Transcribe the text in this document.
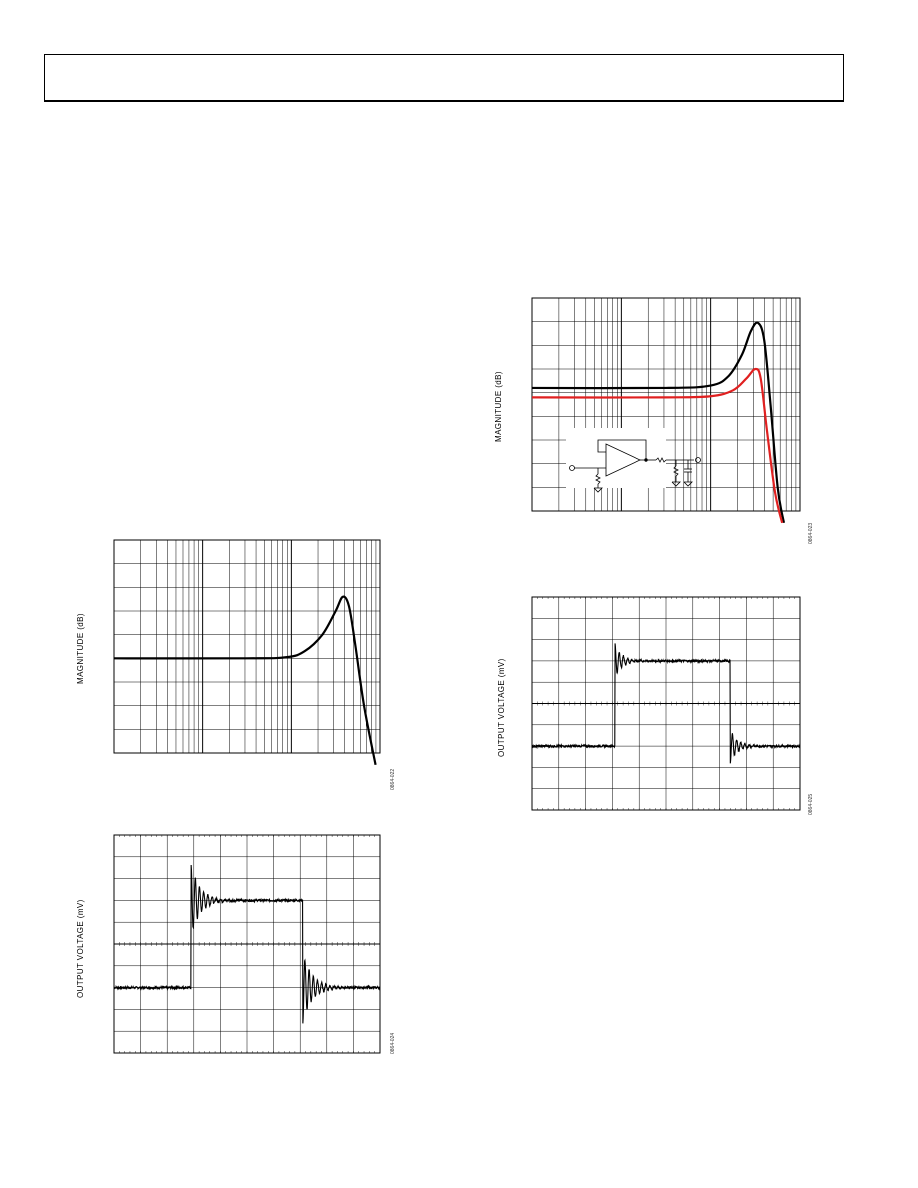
MAGNITUDE (dB)
0864-022
OUTPUT VOLTAGE (mV)
0864-024
MAGNITUDE (dB)
0864-023
OUTPUT VOLTAGE (mV)
0864-025
